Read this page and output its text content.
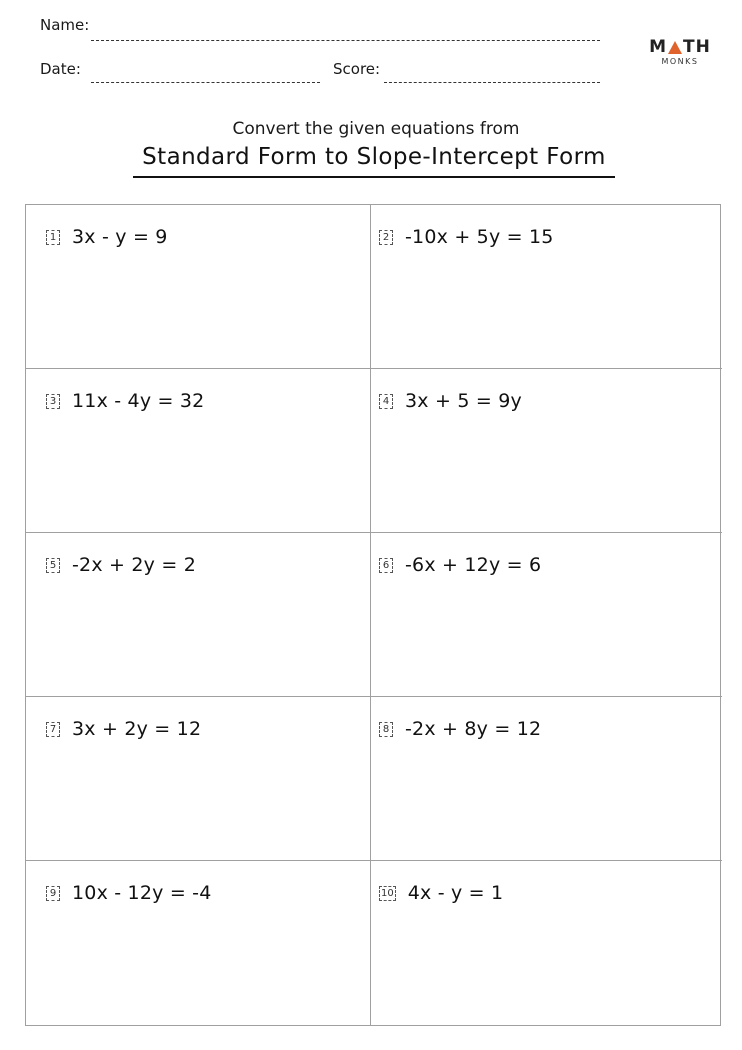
Name:
Date:	Score:
M TH
MONKS
Convert the given equations from
Standard Form to Slope-Intercept Form
1 3x - y = 9	2 -10x + 5y = 15
3 11x - 4y = 32	4 3x + 5 = 9y
5 -2x + 2y = 2	6 -6x + 12y = 6
7 3x + 2y = 12	8 -2x + 8y = 12
9 10x - 12y = -4	10 4x - y = 1
